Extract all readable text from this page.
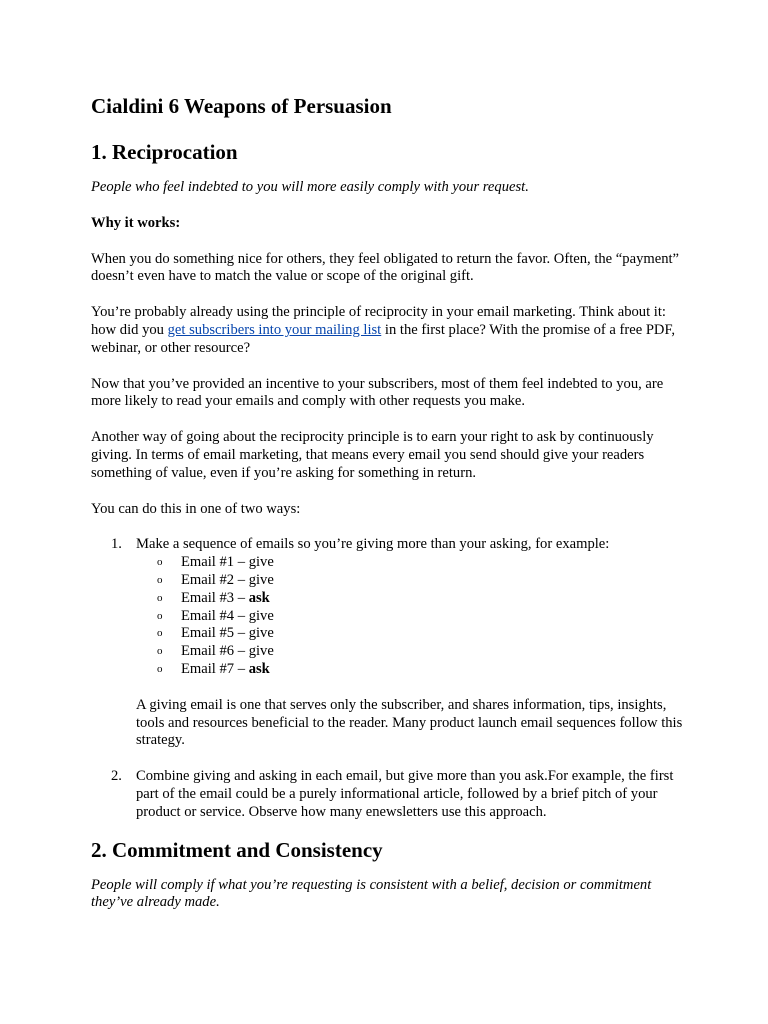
Cialdini 6 Weapons of Persuasion
1. Reciprocation

People who feel indebted to you will more easily comply with your request.

Why it works:

When you do something nice for others, they feel obligated to return the favor. Often, the “payment” doesn’t even have to match the value or scope of the original gift.

You’re probably already using the principle of reciprocity in your email marketing. Think about it: how did you get subscribers into your mailing list in the first place? With the promise of a free PDF, webinar, or other resource?

Now that you’ve provided an incentive to your subscribers, most of them feel indebted to you, are more likely to read your emails and comply with other requests you make.

Another way of going about the reciprocity principle is to earn your right to ask by continuously giving. In terms of email marketing, that means every email you send should give your readers something of value, even if you’re asking for something in return.

You can do this in one of two ways:

1. Make a sequence of emails so you’re giving more than your asking, for example:
o Email #1 – give
o Email #2 – give
o Email #3 – ask
o Email #4 – give
o Email #5 – give
o Email #6 – give
o Email #7 – ask

A giving email is one that serves only the subscriber, and shares information, tips, insights, tools and resources beneficial to the reader. Many product launch email sequences follow this strategy.

2. Combine giving and asking in each email, but give more than you ask.For example, the first part of the email could be a purely informational article, followed by a brief pitch of your product or service. Observe how many enewsletters use this approach.
2. Commitment and Consistency

People will comply if what you’re requesting is consistent with a belief, decision or commitment they’ve already made.
